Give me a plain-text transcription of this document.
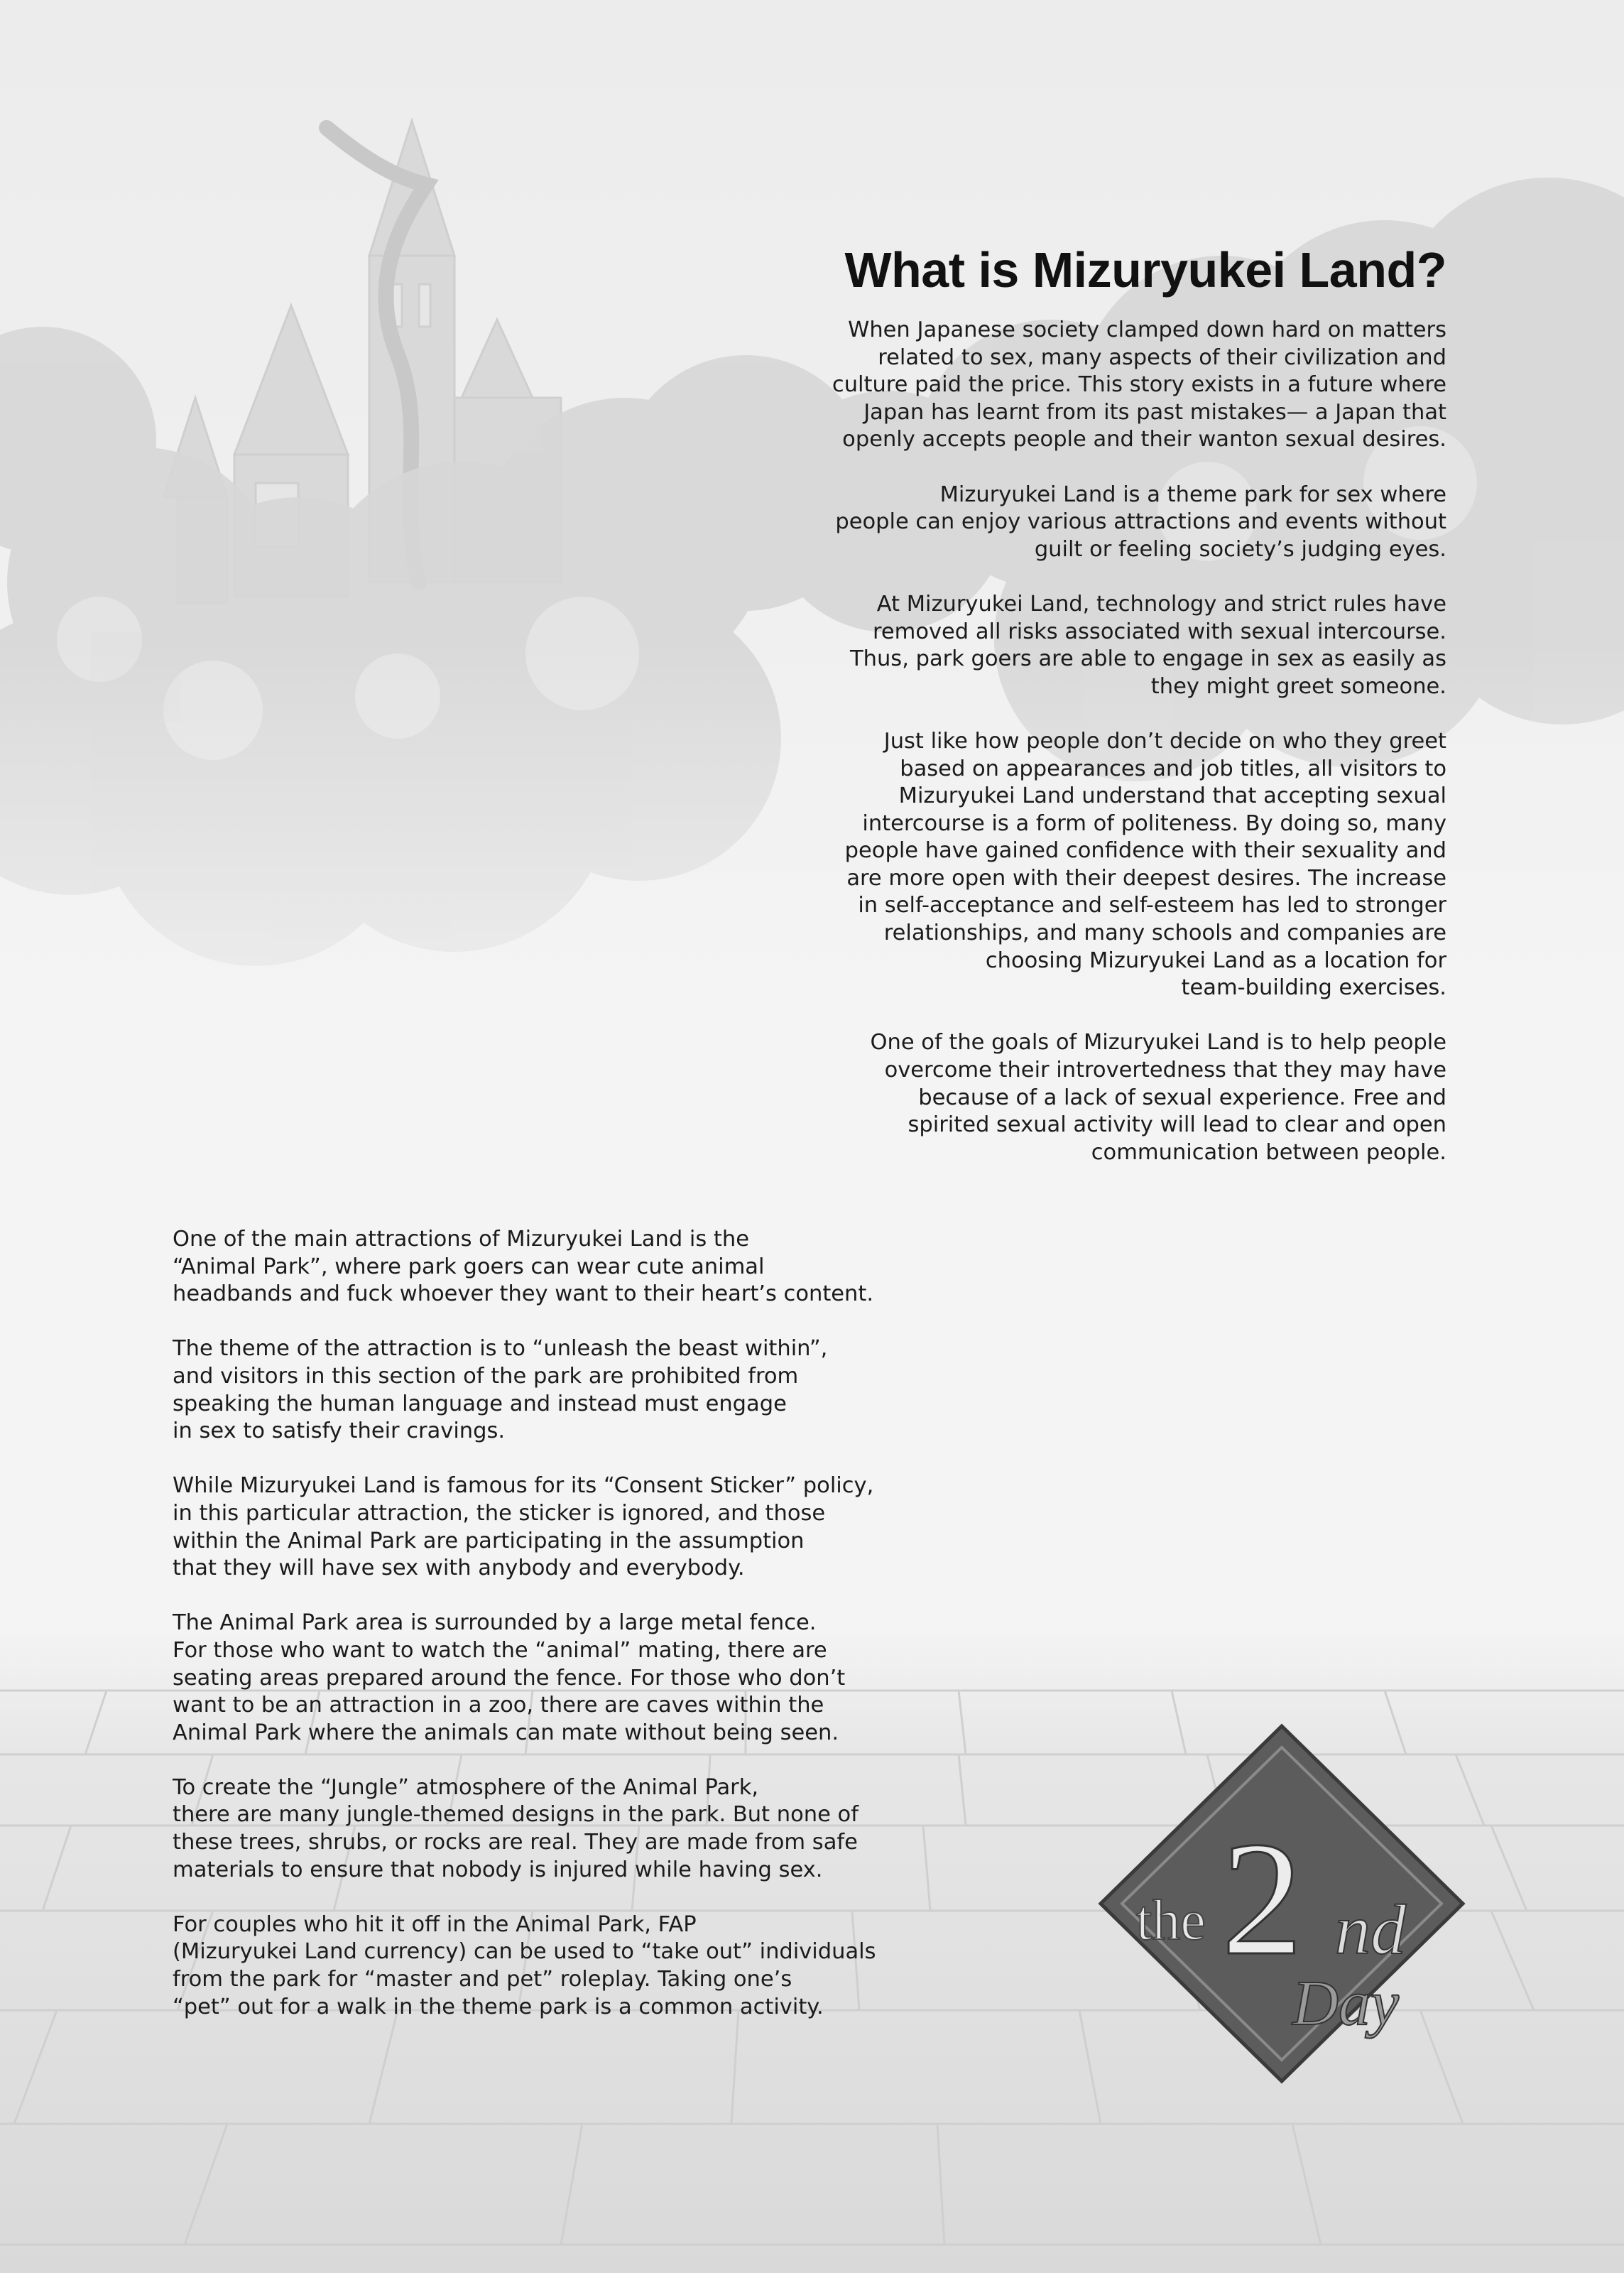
What is Mizuryukei Land?

When Japanese society clamped down hard on matters
related to sex, many aspects of their civilization and
culture paid the price. This story exists in a future where
Japan has learnt from its past mistakes— a Japan that
openly accepts people and their wanton sexual desires.

Mizuryukei Land is a theme park for sex where
people can enjoy various attractions and events without
guilt or feeling society’s judging eyes.

At Mizuryukei Land, technology and strict rules have
removed all risks associated with sexual intercourse.
Thus, park goers are able to engage in sex as easily as
they might greet someone.

Just like how people don’t decide on who they greet
based on appearances and job titles, all visitors to
Mizuryukei Land understand that accepting sexual
intercourse is a form of politeness. By doing so, many
people have gained confidence with their sexuality and
are more open with their deepest desires. The increase
in self-acceptance and self-esteem has led to stronger
relationships, and many schools and companies are
choosing Mizuryukei Land as a location for
team-building exercises.

One of the goals of Mizuryukei Land is to help people
overcome their introvertedness that they may have
because of a lack of sexual experience. Free and
spirited sexual activity will lead to clear and open
communication between people.

One of the main attractions of Mizuryukei Land is the
“Animal Park”, where park goers can wear cute animal
headbands and fuck whoever they want to their heart’s content.

The theme of the attraction is to “unleash the beast within”,
and visitors in this section of the park are prohibited from
speaking the human language and instead must engage
in sex to satisfy their cravings.

While Mizuryukei Land is famous for its “Consent Sticker” policy,
in this particular attraction, the sticker is ignored, and those
within the Animal Park are participating in the assumption
that they will have sex with anybody and everybody.

The Animal Park area is surrounded by a large metal fence.
For those who want to watch the “animal” mating, there are
seating areas prepared around the fence. For those who don’t
want to be an attraction in a zoo, there are caves within the
Animal Park where the animals can mate without being seen.

To create the “Jungle” atmosphere of the Animal Park,
there are many jungle-themed designs in the park. But none of
these trees, shrubs, or rocks are real. They are made from safe
materials to ensure that nobody is injured while having sex.

For couples who hit it off in the Animal Park, FAP
(Mizuryukei Land currency) can be used to “take out” individuals
from the park for “master and pet” roleplay. Taking one’s
“pet” out for a walk in the theme park is a common activity.

the 2 nd
Day
